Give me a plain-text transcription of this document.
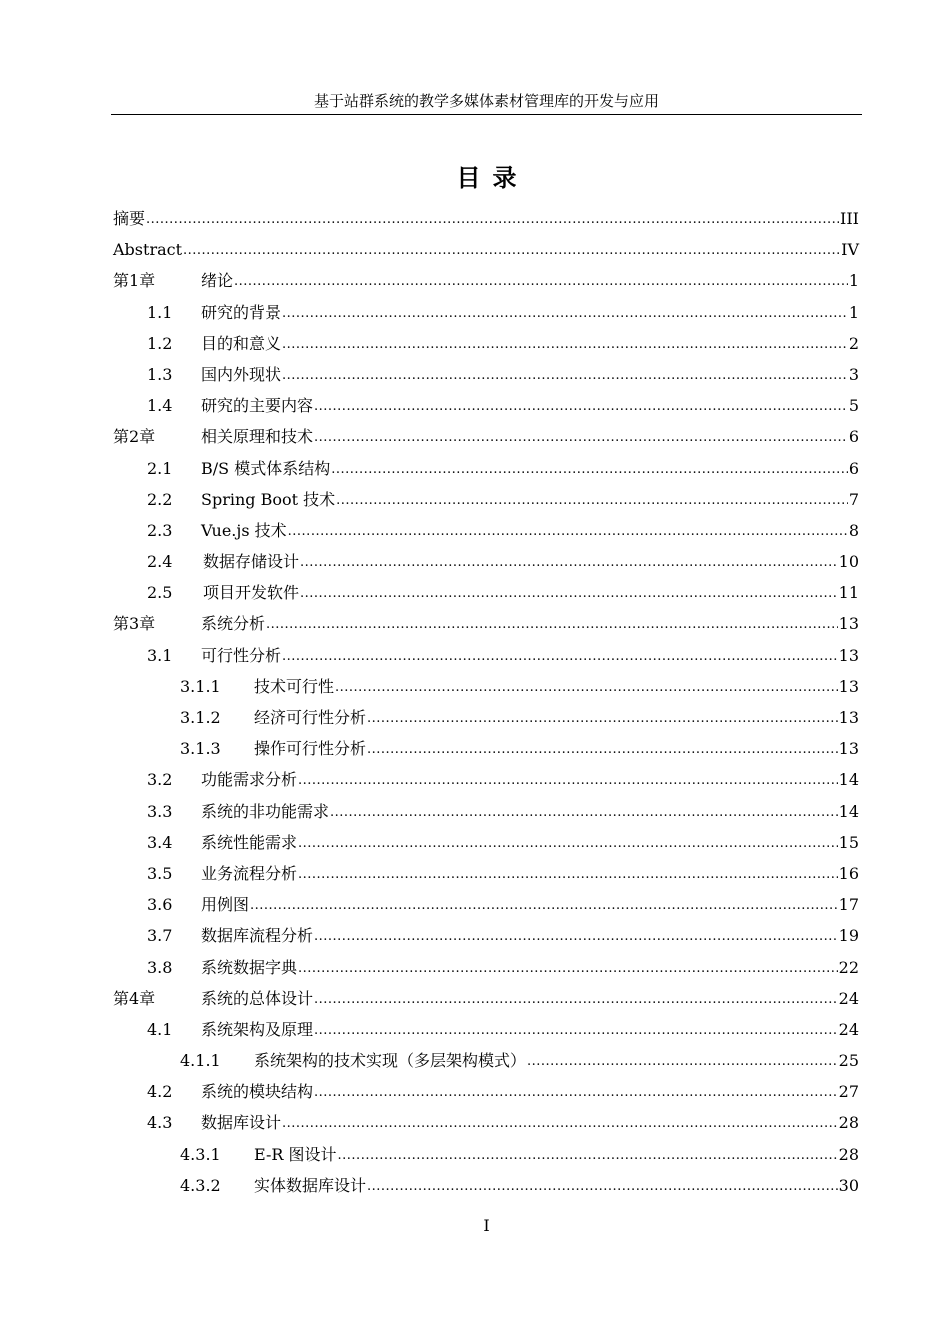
基于站群系统的教学多媒体素材管理库的开发与应用
目录
摘要 .....	III
Abstract .....	IV
第1章	绪论 .....	1
1.1	研究的背景 .....	1
1.2	目的和意义 .....	2
1.3	国内外现状 .....	3
1.4	研究的主要内容 .....	5
第2章	相关原理和技术 .....	6
2.1	B/S 模式体系结构 .....	6
2.2	Spring Boot 技术 .....	7
2.3	Vue.js 技术 .....	8
2.4	数据存储设计 .....	10
2.5	项目开发软件 .....	11
第3章	系统分析 .....	13
3.1	可行性分析 .....	13
3.1.1	技术可行性 .....	13
3.1.2	经济可行性分析 .....	13
3.1.3	操作可行性分析 .....	13
3.2	功能需求分析 .....	14
3.3	系统的非功能需求 .....	14
3.4	系统性能需求 .....	15
3.5	业务流程分析 .....	16
3.6	用例图 .....	17
3.7	数据库流程分析 .....	19
3.8	系统数据字典 .....	22
第4章	系统的总体设计 .....	24
4.1	系统架构及原理 .....	24
4.1.1	系统架构的技术实现（多层架构模式） .....	25
4.2	系统的模块结构 .....	27
4.3	数据库设计 .....	28
4.3.1	E-R 图设计 .....	28
4.3.2	实体数据库设计 .....	30
I
